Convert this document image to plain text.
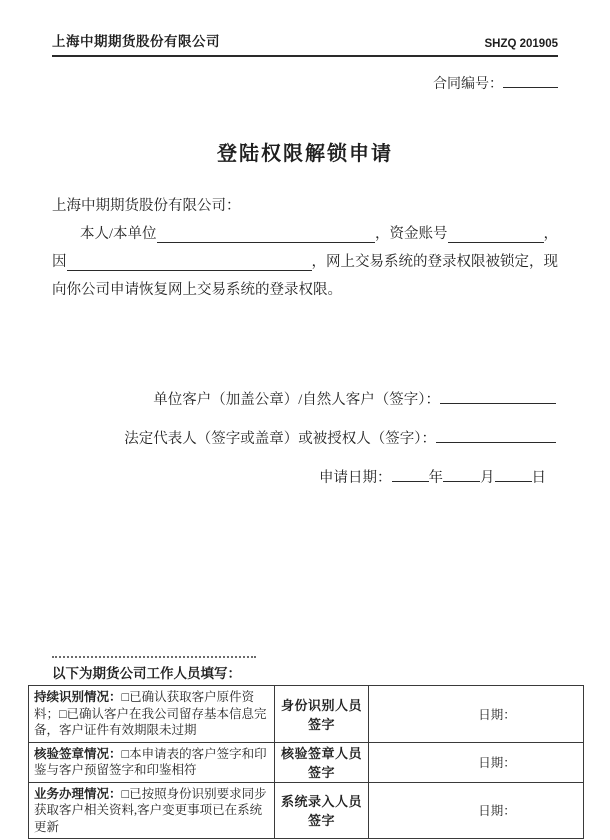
上海中期期货股份有限公司	SHZQ 201905
合同编号：
登陆权限解锁申请
上海中期期货股份有限公司：
本人/本单位	，资金账号	，
因	，网上交易系统的登录权限被锁定，现
向你公司申请恢复网上交易系统的登录权限。
单位客户（加盖公章）/自然人客户（签字）：
法定代表人（签字或盖章）或被授权人（签字）：
申请日期：	年	月	日
以下为期货公司工作人员填写：
持续识别情况：□已确认获取客户原件资料；□已确认客户在我公司留存基本信息完备，客户证件有效期限未过期	身份识别人员签字	日期：
核验签章情况：□本申请表的客户签字和印鉴与客户预留签字和印鉴相符	核验签章人员签字	日期：
业务办理情况：□已按照身份识别要求同步获取客户相关资料,客户变更事项已在系统更新	系统录入人员签字	日期：
